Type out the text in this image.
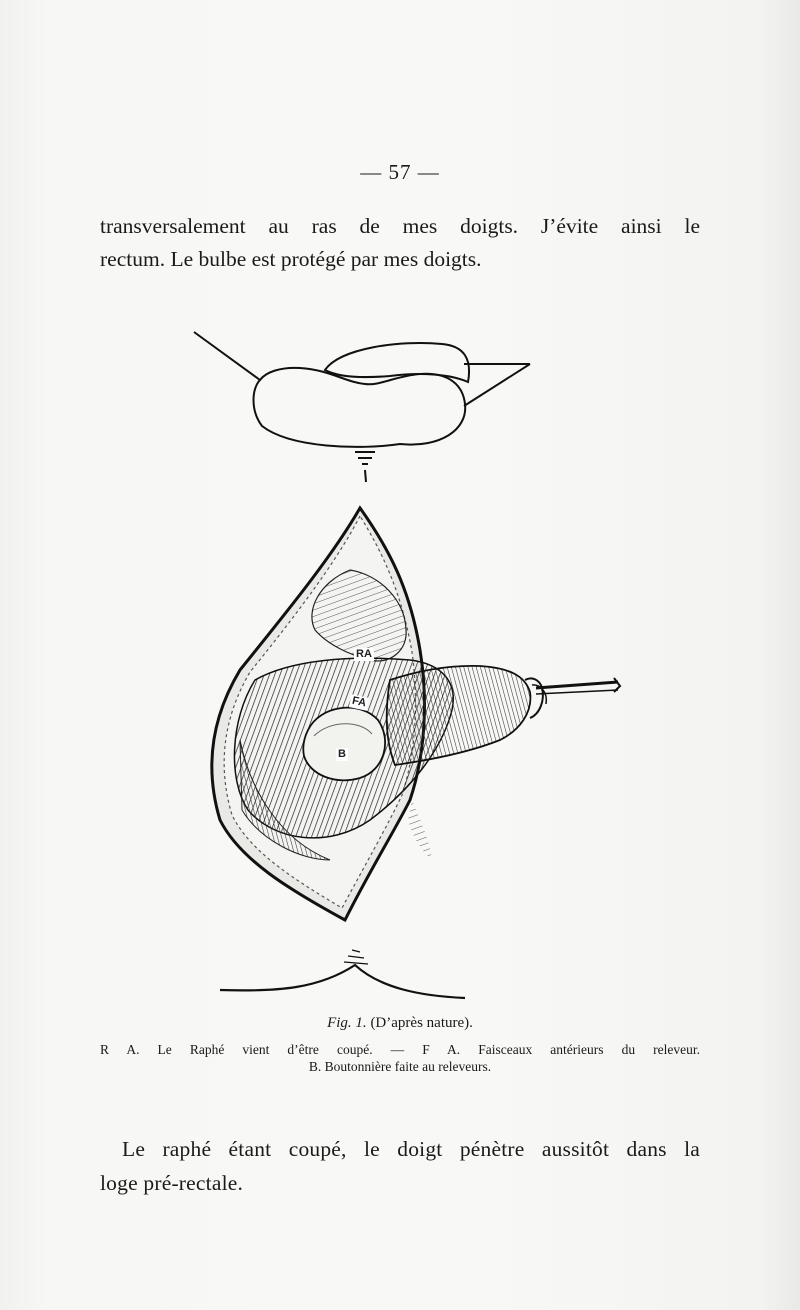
— 57 —
transversalement au ras de mes doigts. J’évite ainsi le
rectum. Le bulbe est protégé par mes doigts.
RA
FA
B
Fig. 1. (D’après nature).
R A. Le Raphé vient d’être coupé. — F A. Faisceaux antérieurs du releveur.
B. Boutonnière faite au releveurs.
Le raphé étant coupé, le doigt pénètre aussitôt dans la
loge pré-rectale.
